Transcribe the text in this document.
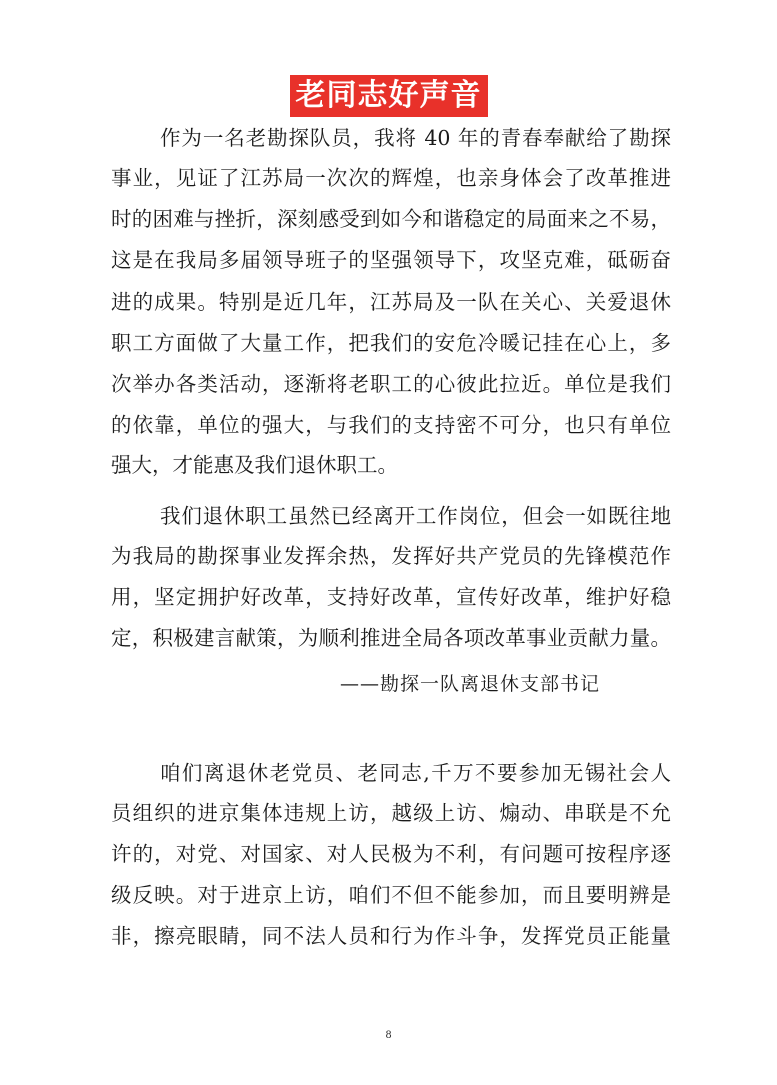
老同志好声音
作为一名老勘探队员，我将 40 年的青春奉献给了勘探
事业，见证了江苏局一次次的辉煌，也亲身体会了改革推进
时的困难与挫折，深刻感受到如今和谐稳定的局面来之不易，
这是在我局多届领导班子的坚强领导下，攻坚克难，砥砺奋
进的成果。特别是近几年，江苏局及一队在关心、关爱退休
职工方面做了大量工作，把我们的安危冷暖记挂在心上，多
次举办各类活动，逐渐将老职工的心彼此拉近。单位是我们
的依靠，单位的强大，与我们的支持密不可分，也只有单位
强大，才能惠及我们退休职工。
我们退休职工虽然已经离开工作岗位，但会一如既往地
为我局的勘探事业发挥余热，发挥好共产党员的先锋模范作
用，坚定拥护好改革，支持好改革，宣传好改革，维护好稳
定，积极建言献策，为顺利推进全局各项改革事业贡献力量。
——勘探一队离退休支部书记
咱们离退休老党员、老同志,千万不要参加无锡社会人
员组织的进京集体违规上访，越级上访、煽动、串联是不允
许的，对党、对国家、对人民极为不利，有问题可按程序逐
级反映。对于进京上访，咱们不但不能参加，而且要明辨是
非，擦亮眼睛，同不法人员和行为作斗争，发挥党员正能量
8
